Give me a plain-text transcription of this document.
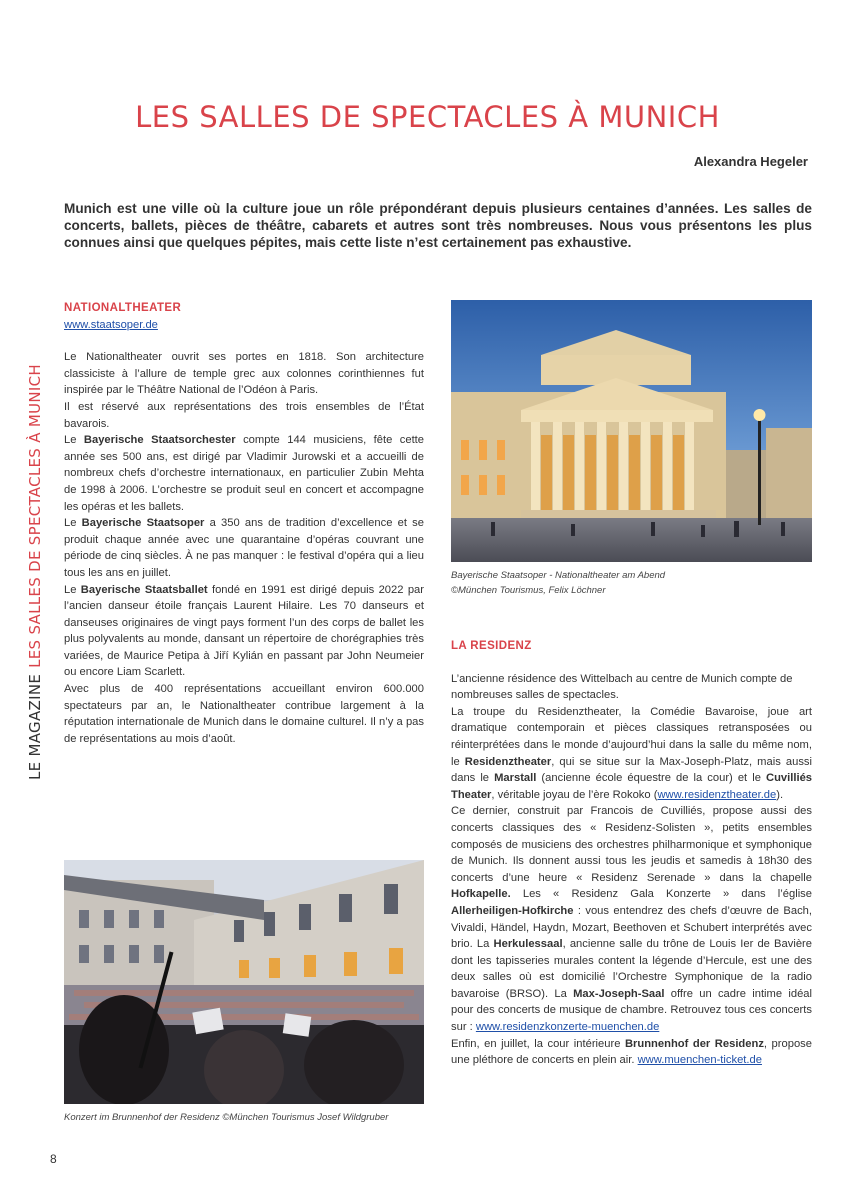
LES SALLES DE SPECTACLES À MUNICH
Alexandra Hegeler
Munich est une ville où la culture joue un rôle prépondérant depuis plusieurs centaines d’années. Les salles de concerts, ballets, pièces de théâtre, cabarets et autres sont très nombreuses. Nous vous présentons les plus connues ainsi que quelques pépites, mais cette liste n’est certainement pas exhaustive.
LE MAGAZINELES SALLES DE SPECTACLES À MUNICH
NATIONALTHEATER
www.staatsoper.de

Le Nationaltheater ouvrit ses portes en 1818. Son architecture classiciste à l’allure de temple grec aux colonnes corinthiennes fut inspirée par le Théâtre National de l’Odéon à Paris.

Il est réservé aux représentations des trois ensembles de l’État bavarois.

Le Bayerische Staatsorchester compte 144 musiciens, fête cette année ses 500 ans, est dirigé par Vladimir Jurowski et a accueilli de nombreux chefs d’orchestre internationaux, en particulier Zubin Mehta de 1998 à 2006. L’orchestre se produit seul en concert et accompagne les opéras et les ballets.

Le Bayerische Staatsoper a 350 ans de tradition d’excellence et se produit chaque année avec une quarantaine d’opéras couvrant une période de cinq siècles. À ne pas manquer : le festival d’opéra qui a lieu tous les ans en juillet.

Le Bayerische Staatsballet fondé en 1991 est dirigé depuis 2022 par l’ancien danseur étoile français Laurent Hilaire. Les 70 danseurs et danseuses originaires de vingt pays forment l’un des corps de ballet les plus polyvalents au monde, dansant un répertoire de chorégraphies très variées, de Maurice Petipa à Jiří Kylián en passant par John Neumeier ou encore Liam Scarlett.

Avec plus de 400 représentations accueillant environ 600.000 spectateurs par an, le Nationaltheater contribue largement à la réputation internationale de Munich dans le domaine culturel. Il n’y a pas de représentations au mois d’août.

Bayerische Staatsoper - Nationaltheater am Abend
©München Tourismus, Felix Löchner
LA RESIDENZ

L’ancienne résidence des Wittelbach au centre de Munich compte de nombreuses salles de spectacles.

La troupe du Residenztheater, la Comédie Bavaroise, joue art dramatique contemporain et pièces classiques retransposées ou réinterprétées dans le monde d’aujourd’hui dans la salle du même nom, le Residenztheater, qui se situe sur la Max-Joseph-Platz, mais aussi dans le Marstall (ancienne école équestre de la cour) et le Cuvilliés Theater, véritable joyau de l’ère Rokoko (www.residenztheater.de).

Ce dernier, construit par Francois de Cuvilliés, propose aussi des concerts classiques des « Residenz-Solisten », petits ensembles composés de musiciens des orchestres philharmonique et symphonique de Munich. Ils donnent aussi tous les jeudis et samedis à 18h30 des concerts d’une heure « Residenz Serenade » dans la chapelle Hofkapelle. Les « Residenz Gala Konzerte » dans l’église Allerheiligen-Hofkirche : vous entendrez des chefs d’œuvre de Bach, Vivaldi, Händel, Haydn, Mozart, Beethoven et Schubert interprétés avec brio. La Herkulessaal, ancienne salle du trône de Louis Ier de Bavière dont les tapisseries murales content la légende d’Hercule, est une des deux salles où est domicilié l’Orchestre Symphonique de la radio bavaroise (BRSO). La Max-Joseph-Saal offre un cadre intime idéal pour des concerts de musique de chambre. Retrouvez tous ces concerts sur : www.residenzkonzerte-muenchen.de

Enfin, en juillet, la cour intérieure Brunnenhof der Residenz, propose une pléthore de concerts en plein air. www.muenchen-ticket.de

Konzert im Brunnenhof der Residenz ©München Tourismus Josef Wildgruber
8
